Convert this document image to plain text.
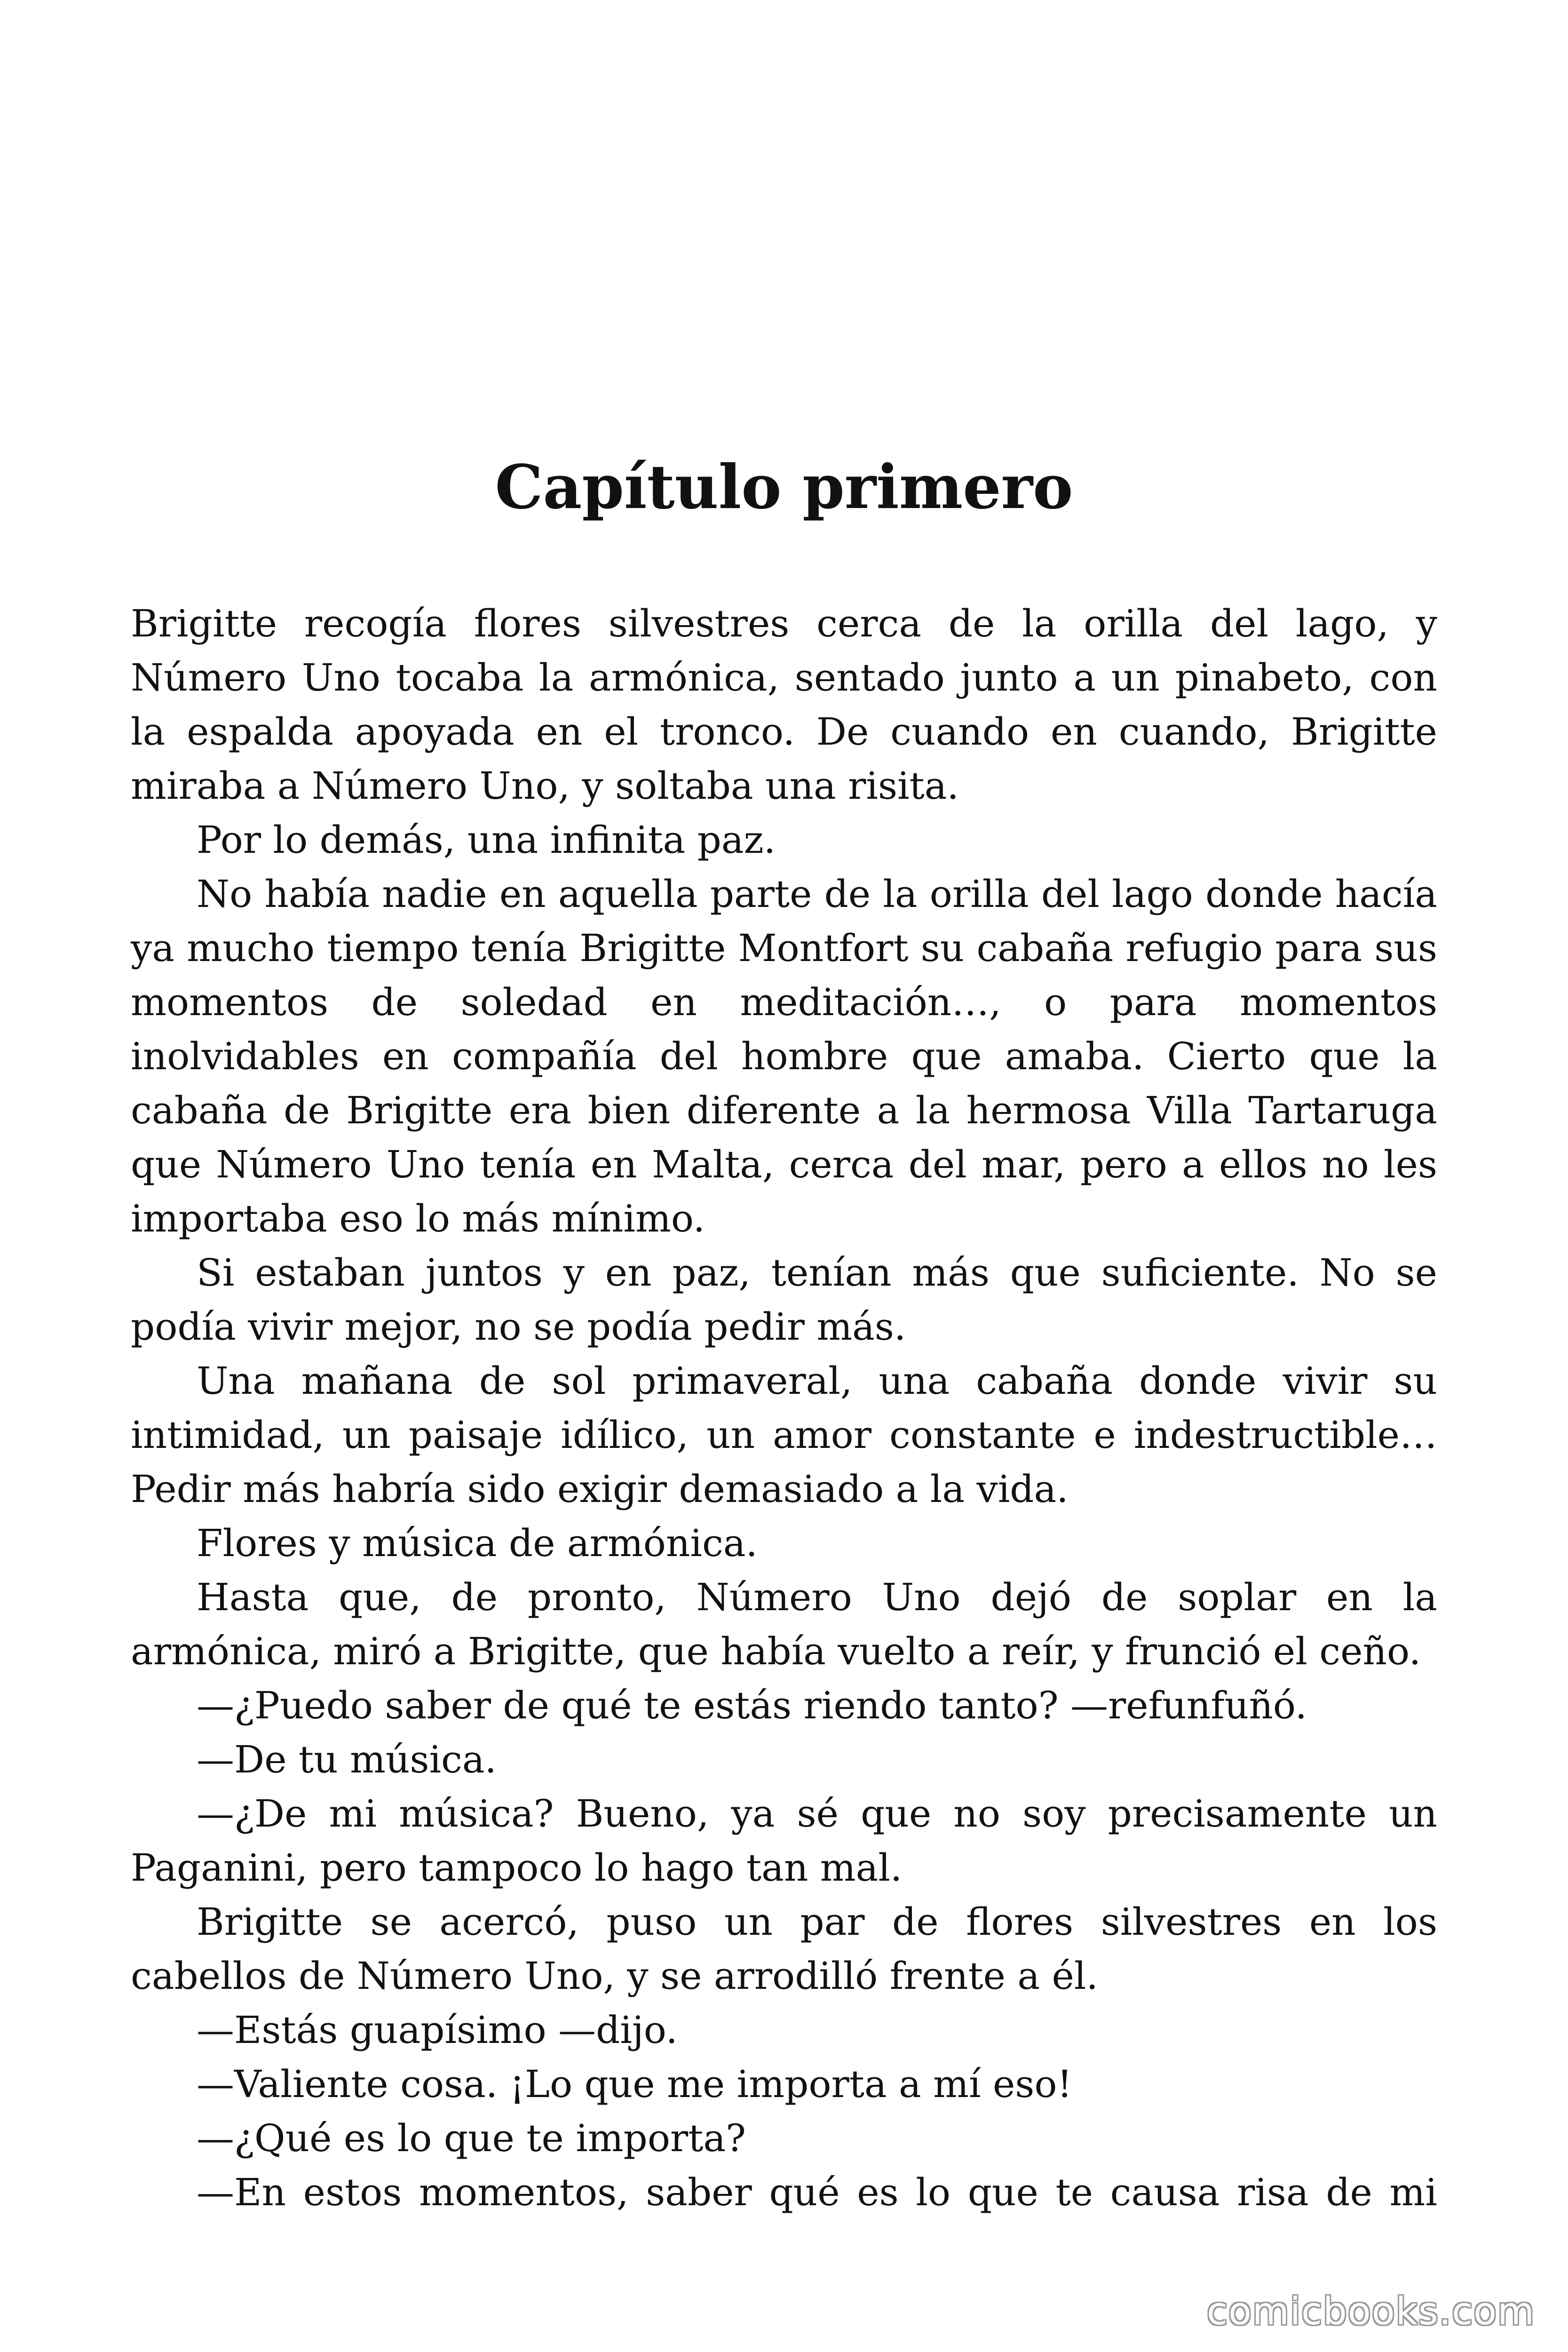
Capítulo primero

Brigitte recogía flores silvestres cerca de la orilla del lago, y Número Uno tocaba la armónica, sentado junto a un pinabeto, con la espalda apoyada en el tronco. De cuando en cuando, Brigitte miraba a Número Uno, y soltaba una risita.

Por lo demás, una infinita paz.

No había nadie en aquella parte de la orilla del lago donde hacía ya mucho tiempo tenía Brigitte Montfort su cabaña refugio para sus momentos de soledad en meditación…, o para momentos inolvidables en compañía del hombre que amaba. Cierto que la cabaña de Brigitte era bien diferente a la hermosa Villa Tartaruga que Número Uno tenía en Malta, cerca del mar, pero a ellos no les importaba eso lo más mínimo.

Si estaban juntos y en paz, tenían más que suficiente. No se podía vivir mejor, no se podía pedir más.

Una mañana de sol primaveral, una cabaña donde vivir su intimidad, un paisaje idílico, un amor constante e indestructible… Pedir más habría sido exigir demasiado a la vida.

Flores y música de armónica.

Hasta que, de pronto, Número Uno dejó de soplar en la armónica, miró a Brigitte, que había vuelto a reír, y frunció el ceño.

—¿Puedo saber de qué te estás riendo tanto? —refunfuñó.

—De tu música.

—¿De mi música? Bueno, ya sé que no soy precisamente un Paganini, pero tampoco lo hago tan mal.

Brigitte se acercó, puso un par de flores silvestres en los cabellos de Número Uno, y se arrodilló frente a él.

—Estás guapísimo —dijo.

—Valiente cosa. ¡Lo que me importa a mí eso!

—¿Qué es lo que te importa?

—En estos momentos, saber qué es lo que te causa risa de mi

comicbooks.com
